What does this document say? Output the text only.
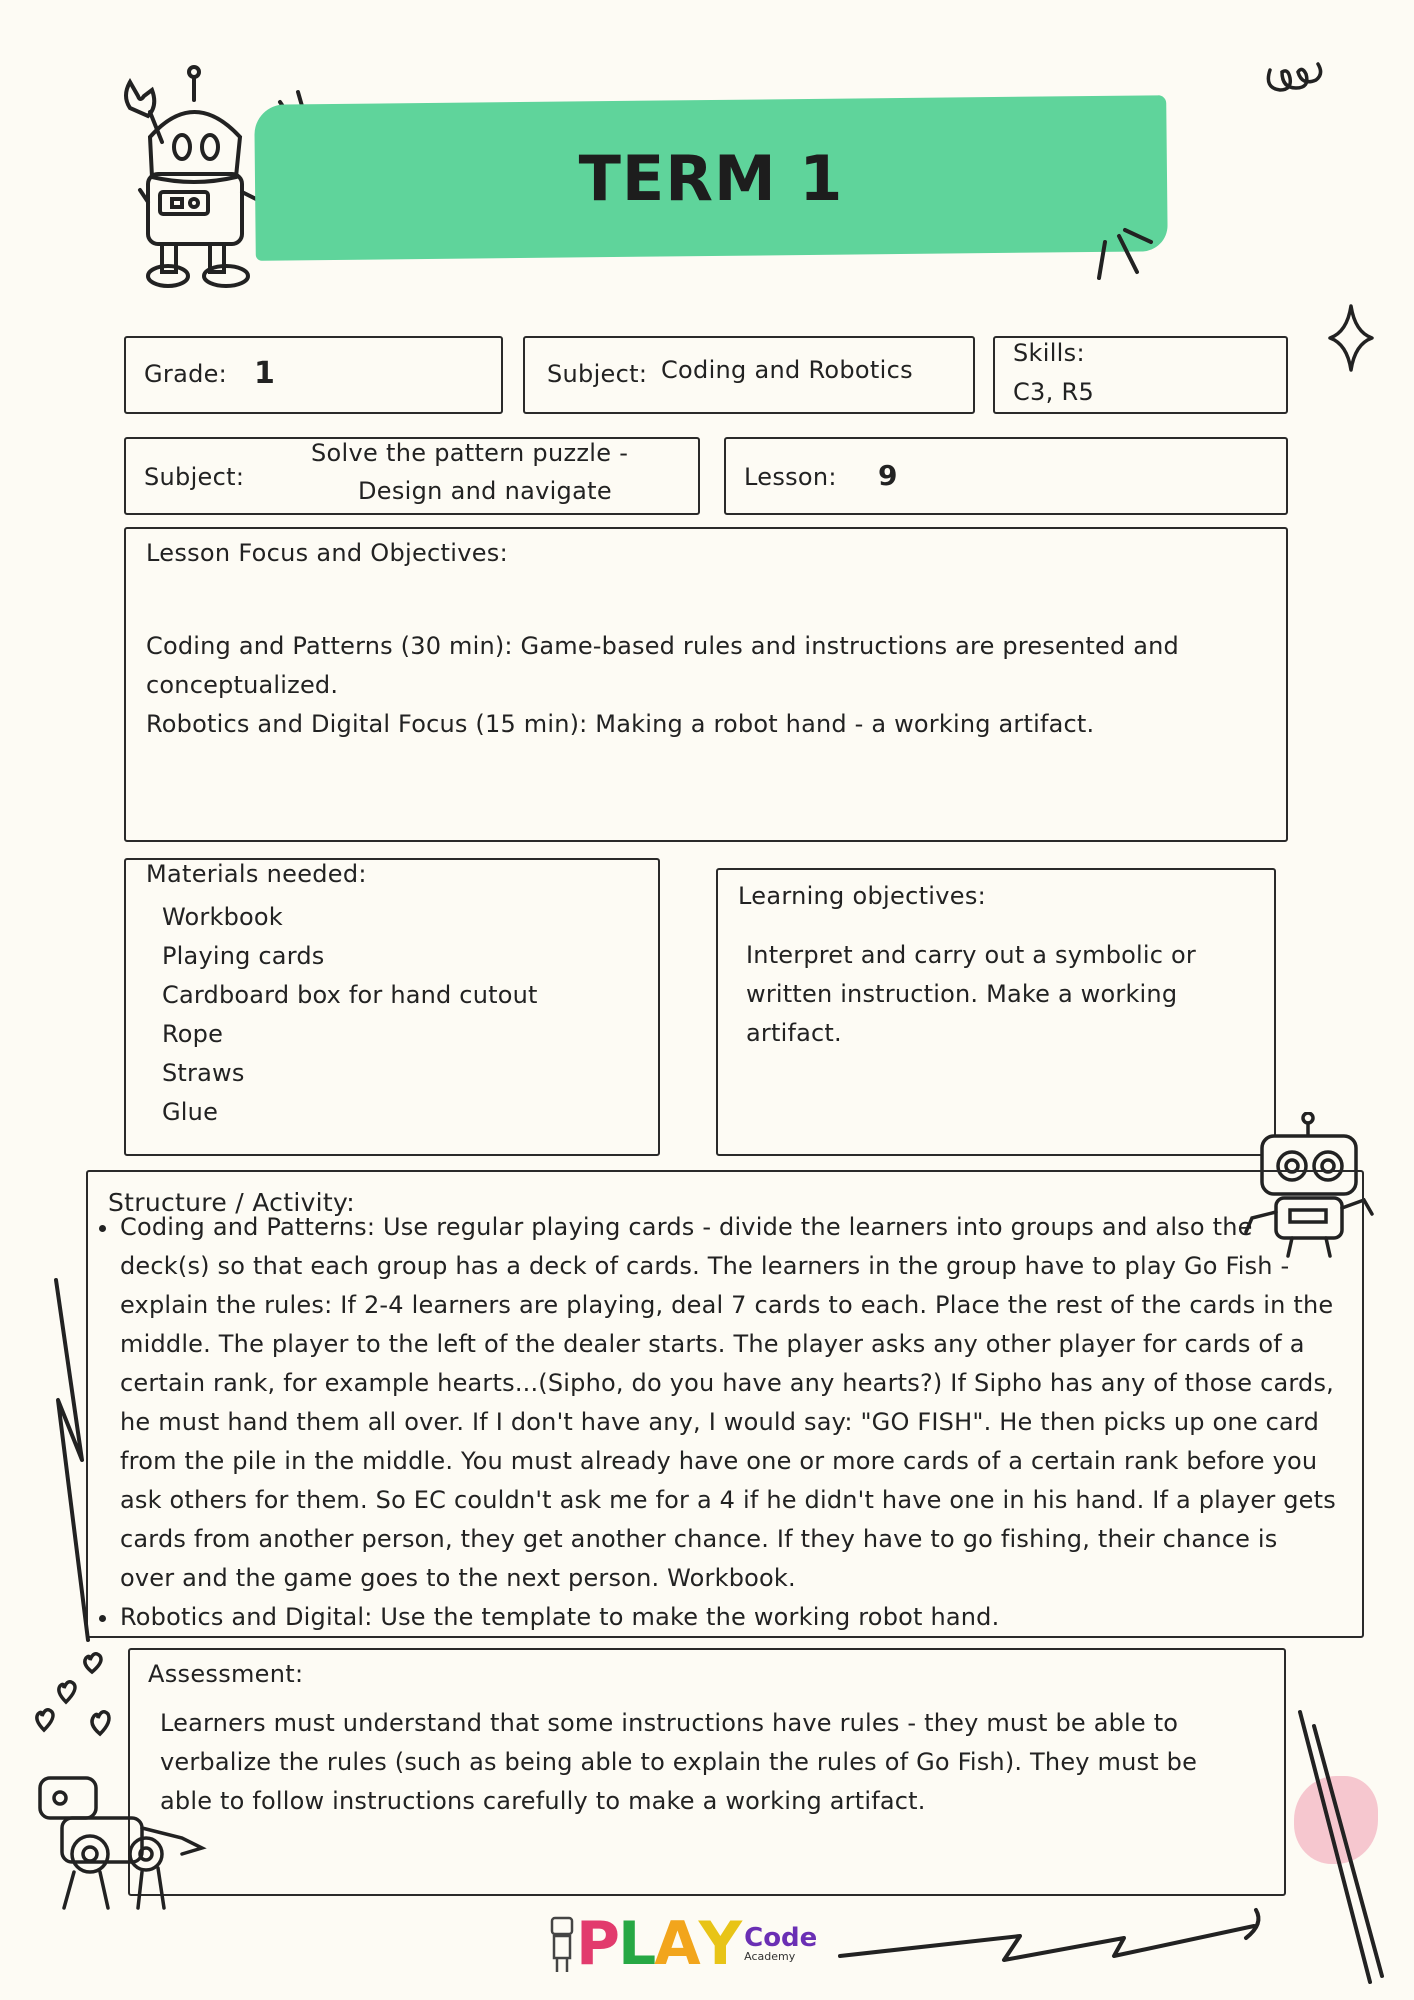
TERM 1
Grade: 1	Subject: Coding and Robotics
Skills:
C3, R5
Subject:
Solve the pattern puzzle -
Design and navigate	Lesson: 9
Lesson Focus and Objectives:
Coding and Patterns (30 min): Game-based rules and instructions are presented and conceptualized.
Robotics and Digital Focus (15 min): Making a robot hand - a working artifact.
Materials needed:
Workbook
Playing cards
Cardboard box for hand cutout
Rope
Straws
Glue
Learning objectives:
Interpret and carry out a symbolic or written instruction. Make a working artifact.
Structure / Activity:
• Coding and Patterns: Use regular playing cards - divide the learners into groups and also the deck(s) so that each group has a deck of cards. The learners in the group have to play Go Fish - explain the rules: If 2-4 learners are playing, deal 7 cards to each. Place the rest of the cards in the middle. The player to the left of the dealer starts. The player asks any other player for cards of a certain rank, for example hearts...(Sipho, do you have any hearts?) If Sipho has any of those cards, he must hand them all over. If I don't have any, I would say: "GO FISH". He then picks up one card from the pile in the middle. You must already have one or more cards of a certain rank before you ask others for them. So EC couldn't ask me for a 4 if he didn't have one in his hand. If a player gets cards from another person, they get another chance. If they have to go fishing, their chance is over and the game goes to the next person. Workbook.
• Robotics and Digital: Use the template to make the working robot hand.
Assessment:
Learners must understand that some instructions have rules - they must be able to verbalize the rules (such as being able to explain the rules of Go Fish). They must be able to follow instructions carefully to make a working artifact.
P L A Y Code
Academy
